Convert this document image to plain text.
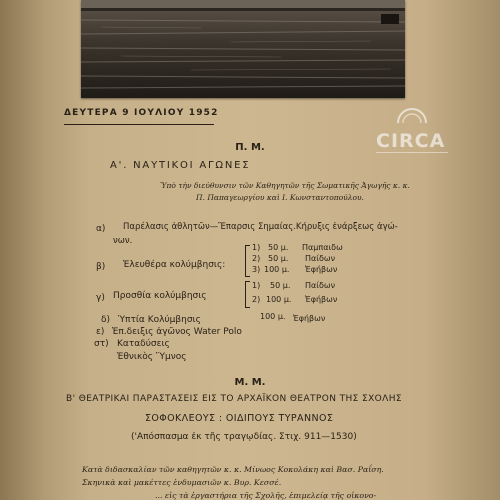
ΔΕΥΤΕΡΑ 9 ΙΟΥΛΙΟΥ 1952
CIRCA
Π. Μ.
Α'. ΝΑΥΤΙΚΟΙ ΑΓΩΝΕΣ
Ὑπὸ τὴν διεύθυνσιν τῶν Καθηγητῶν τῆς Σωματικῆς Ἀγωγῆς κ. κ.
Π. Παπαγεωργίου καὶ Ι. Κωνσταντοπούλου.
α) Παρέλασις ἀθλητῶν—Ἔπαρσις Σημαίας.Κήρυξις ἐνάρξεως ἀγώ-
νων.
β) Ἐλευθέρα κολύμβησις:
1) 50 μ. Παμπαιδω
2) 50 μ. Παίδων
3) 100 μ. Ἐφήβων
γ) Προσθία κολύμβησις
1) 50 μ. Παίδων
2) 100 μ. Ἐφήβων
100 μ. Ἐφήβων
δ) Ὑπτία Κολύμβησις
ε) Ἐπ.δειξις ἀγῶνος Water Polo
στ) Καταδύσεις
Ἐθνικὸς Ὕμνος
Μ. Μ.
Β' ΘΕΑΤΡΙΚΑΙ ΠΑΡΑΣΤΑΣΕΙΣ ΕΙΣ ΤΟ ΑΡΧΑΪΚΟΝ ΘΕΑΤΡΟΝ ΤΗΣ ΣΧΟΛΗΣ
ΣΟΦΟΚΛΕΟΥΣ : ΟΙΔΙΠΟΥΣ ΤΥΡΑΝΝΟΣ
('Απόσπασμα ἐκ τῆς τραγῳδίας. Στιχ. 911—1530)
Κατὰ διδασκαλίαν τῶν καθηγητῶν κ. κ. Μίνωος Κοκολάκη καὶ Βασ. Ραΐση.
Σκηνικὰ καὶ μακέττες ἐνδυμασιῶν κ. Βυρ. Κεσσέ.
... εἰς τὰ ἐργαστήρια τῆς Σχολῆς, ἐπιμελείᾳ τῆς οἰκονο-
